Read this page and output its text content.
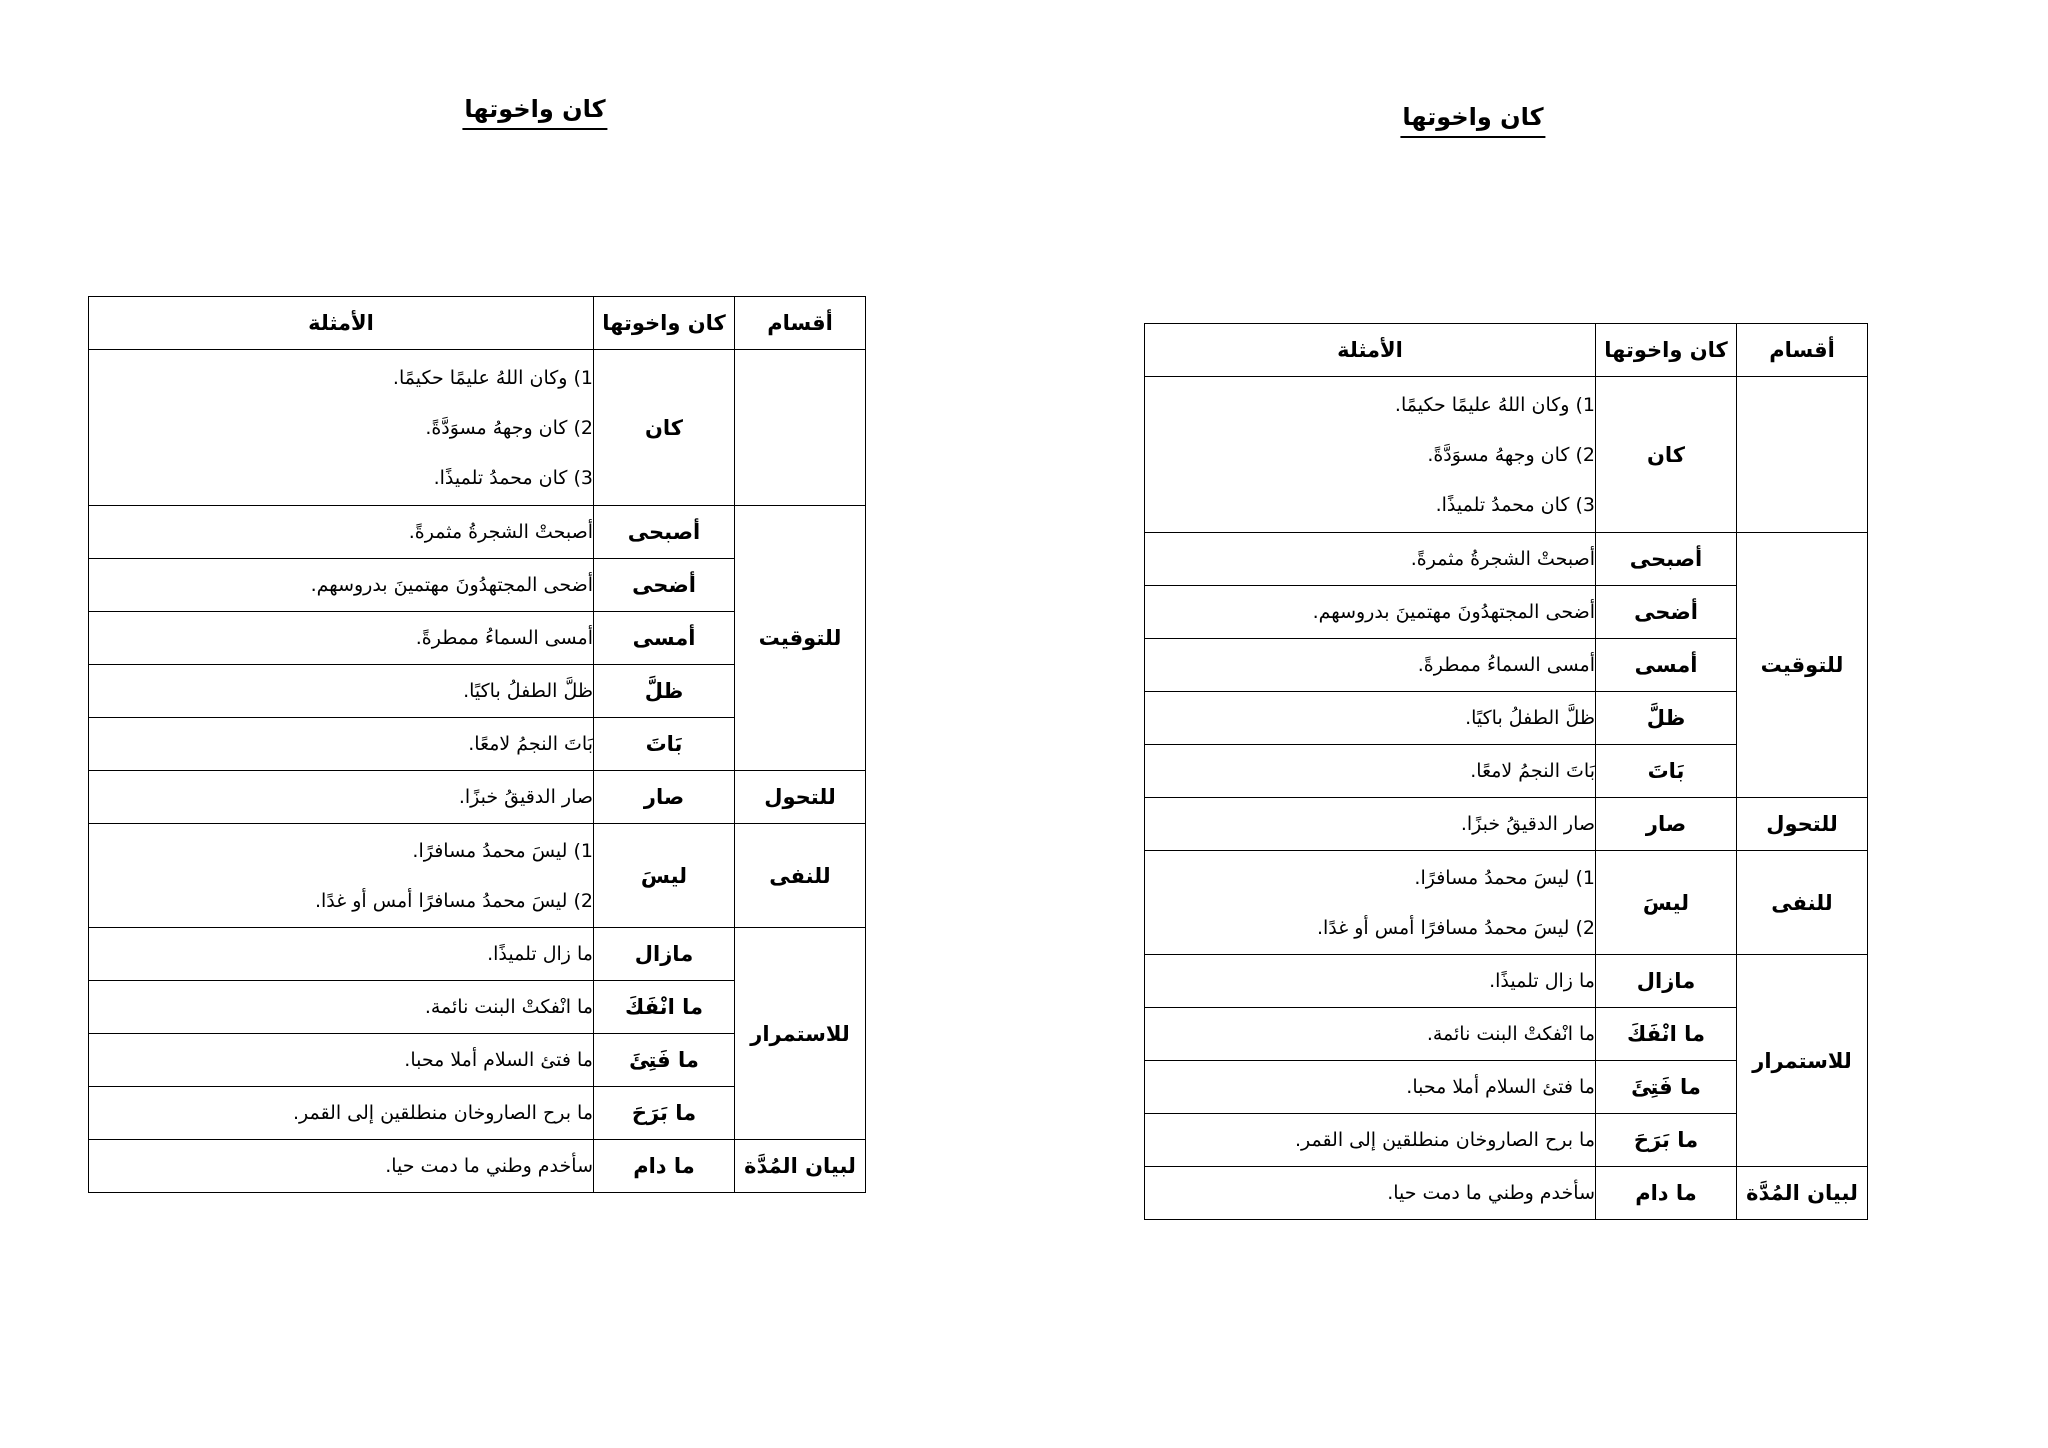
كان واخوتها
أقسام	كان واخوتها	الأمثلة
	كان	1) وكان اللهُ عليمًا حكيمًا.
2) كان وجههُ مسوَدَّةً.
3) كان محمدُ تلميذًا.

للتوقيت	أصبحى	أصبحتْ الشجرةُ مثمرةً.

	أضحى	أضحى المجتهدُونَ مهتمينَ بدروسهم.

	أمسى	أمسى السماءُ ممطرةً.

	ظلَّ	ظلَّ الطفلُ باكيًا.

	بَاتَ	بَاتَ النجمُ لامعًا.

للتحول	صار	صار الدقيقُ خبزًا.

للنفى	ليسَ	1) ليسَ محمدُ مسافرًا.
2) ليسَ محمدُ مسافرًا أمس أو غدًا.

للاستمرار	مازال	ما زال تلميذًا.

	ما انْفَكَ	ما انْفكتْ البنت نائمة.

	ما فَتِئَ	ما فتئ السلام أملا محبا.

	ما بَرَحَ	ما برح الصاروخان منطلقين إلى القمر.

لبيان المُدَّة	ما دام	سأخدم وطني ما دمت حيا.
كان واخوتها
أقسام	كان واخوتها	الأمثلة
	كان	1) وكان اللهُ عليمًا حكيمًا.
2) كان وجههُ مسوَدَّةً.
3) كان محمدُ تلميذًا.

للتوقيت	أصبحى	أصبحتْ الشجرةُ مثمرةً.

	أضحى	أضحى المجتهدُونَ مهتمينَ بدروسهم.

	أمسى	أمسى السماءُ ممطرةً.

	ظلَّ	ظلَّ الطفلُ باكيًا.

	بَاتَ	بَاتَ النجمُ لامعًا.

للتحول	صار	صار الدقيقُ خبزًا.

للنفى	ليسَ	1) ليسَ محمدُ مسافرًا.
2) ليسَ محمدُ مسافرًا أمس أو غدًا.

للاستمرار	مازال	ما زال تلميذًا.

	ما انْفَكَ	ما انْفكتْ البنت نائمة.

	ما فَتِئَ	ما فتئ السلام أملا محبا.

	ما بَرَحَ	ما برح الصاروخان منطلقين إلى القمر.

لبيان المُدَّة	ما دام	سأخدم وطني ما دمت حيا.
